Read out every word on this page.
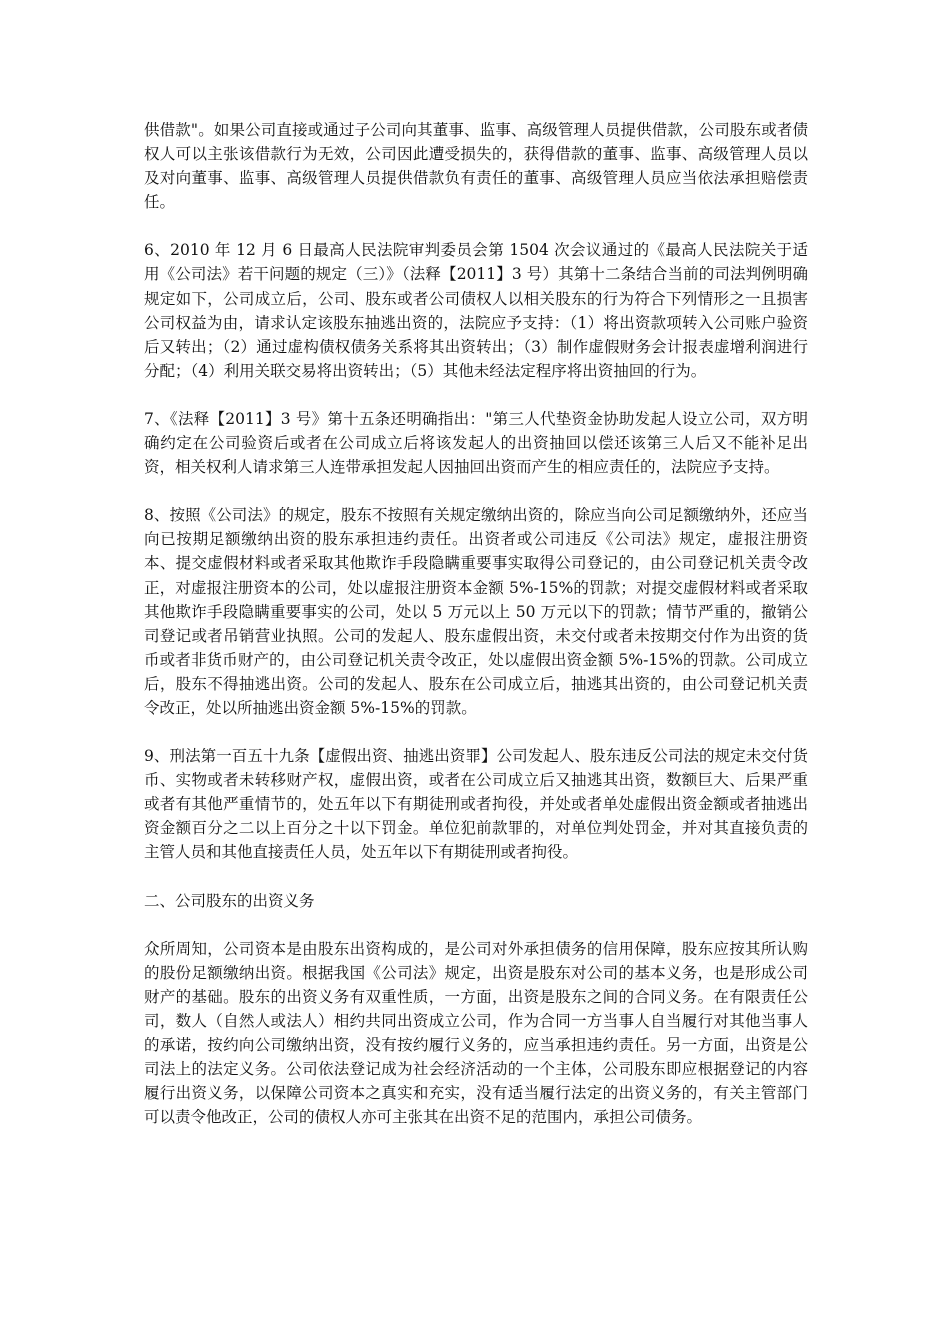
供借款"。如果公司直接或通过子公司向其董事、监事、高级管理人员提供借款，公司股东或者债权人可以主张该借款行为无效，公司因此遭受损失的，获得借款的董事、监事、高级管理人员以及对向董事、监事、高级管理人员提供借款负有责任的董事、高级管理人员应当依法承担赔偿责任。

6、2010 年 12 月 6 日最高人民法院审判委员会第 1504 次会议通过的《最高人民法院关于适用《公司法》若干问题的规定（三）》（法释【2011】3 号）其第十二条结合当前的司法判例明确规定如下，公司成立后，公司、股东或者公司债权人以相关股东的行为符合下列情形之一且损害公司权益为由，请求认定该股东抽逃出资的，法院应予支持：（1）将出资款项转入公司账户验资后又转出；（2）通过虚构债权债务关系将其出资转出；（3）制作虚假财务会计报表虚增利润进行分配；（4）利用关联交易将出资转出；（5）其他未经法定程序将出资抽回的行为。

7、《法释【2011】3 号》第十五条还明确指出："第三人代垫资金协助发起人设立公司，双方明确约定在公司验资后或者在公司成立后将该发起人的出资抽回以偿还该第三人后又不能补足出资，相关权利人请求第三人连带承担发起人因抽回出资而产生的相应责任的，法院应予支持。

8、按照《公司法》的规定，股东不按照有关规定缴纳出资的，除应当向公司足额缴纳外，还应当向已按期足额缴纳出资的股东承担违约责任。出资者或公司违反《公司法》规定，虚报注册资本、提交虚假材料或者采取其他欺诈手段隐瞒重要事实取得公司登记的，由公司登记机关责令改正，对虚报注册资本的公司，处以虚报注册资本金额 5%-15%的罚款；对提交虚假材料或者采取其他欺诈手段隐瞒重要事实的公司，处以 5 万元以上 50 万元以下的罚款；情节严重的，撤销公司登记或者吊销营业执照。公司的发起人、股东虚假出资，未交付或者未按期交付作为出资的货币或者非货币财产的，由公司登记机关责令改正，处以虚假出资金额 5%-15%的罚款。公司成立后，股东不得抽逃出资。公司的发起人、股东在公司成立后，抽逃其出资的，由公司登记机关责令改正，处以所抽逃出资金额 5%-15%的罚款。

9、刑法第一百五十九条【虚假出资、抽逃出资罪】公司发起人、股东违反公司法的规定未交付货币、实物或者未转移财产权，虚假出资，或者在公司成立后又抽逃其出资，数额巨大、后果严重或者有其他严重情节的，处五年以下有期徒刑或者拘役，并处或者单处虚假出资金额或者抽逃出资金额百分之二以上百分之十以下罚金。单位犯前款罪的，对单位判处罚金，并对其直接负责的主管人员和其他直接责任人员，处五年以下有期徒刑或者拘役。

二、公司股东的出资义务

众所周知，公司资本是由股东出资构成的，是公司对外承担债务的信用保障，股东应按其所认购的股份足额缴纳出资。根据我国《公司法》规定，出资是股东对公司的基本义务，也是形成公司财产的基础。股东的出资义务有双重性质，一方面，出资是股东之间的合同义务。在有限责任公司，数人（自然人或法人）相约共同出资成立公司，作为合同一方当事人自当履行对其他当事人的承诺，按约向公司缴纳出资，没有按约履行义务的，应当承担违约责任。另一方面，出资是公司法上的法定义务。公司依法登记成为社会经济活动的一个主体，公司股东即应根据登记的内容履行出资义务，以保障公司资本之真实和充实，没有适当履行法定的出资义务的，有关主管部门可以责令他改正，公司的债权人亦可主张其在出资不足的范围内，承担公司债务。
